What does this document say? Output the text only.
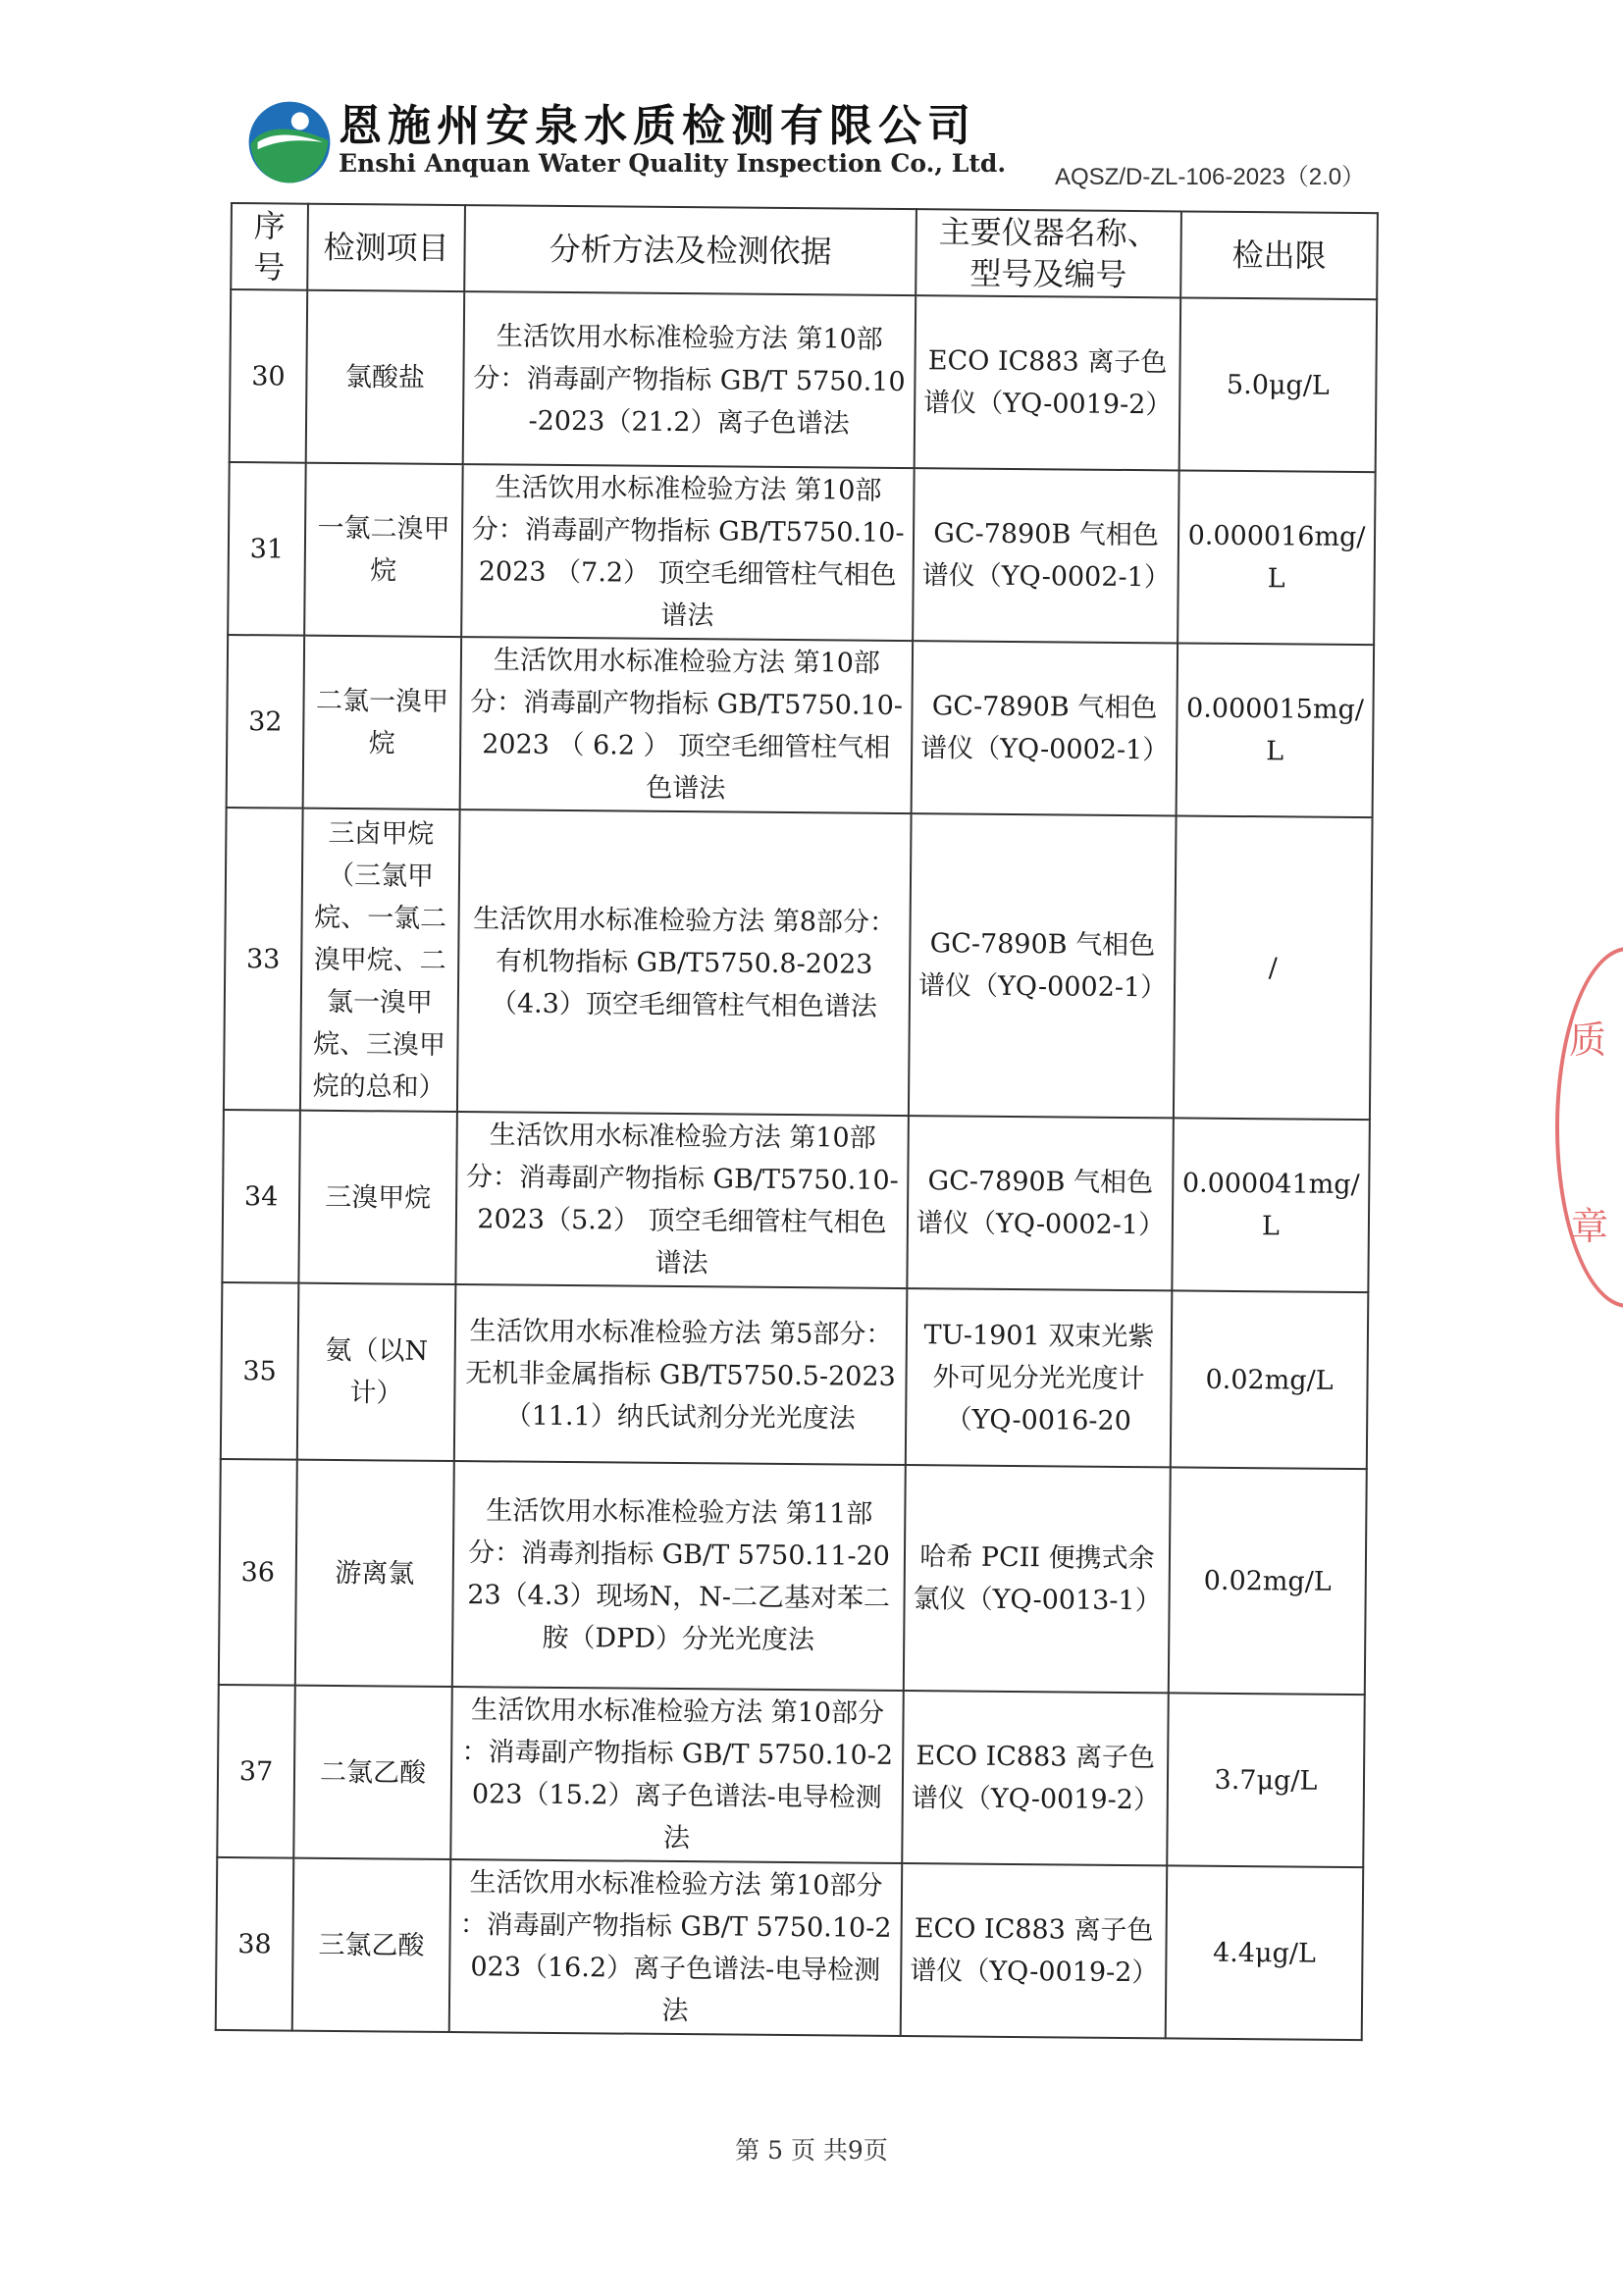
恩施州安泉水质检测有限公司
Enshi Anquan Water Quality Inspection Co., Ltd. AQSZ/D-ZL-106-2023（2.0）
序号	检测项目	分析方法及检测依据	主要仪器名称、型号及编号	检出限
30	氯酸盐	生活饮用水标准检验方法 第10部分：消毒副产物指标 GB/T 5750.10-2023（21.2）离子色谱法	ECO IC883 离子色谱仪（YQ-0019-2）	5.0μg/L
31	一氯二溴甲烷	生活饮用水标准检验方法 第10部分：消毒副产物指标 GB/T5750.10-2023 （7.2） 顶空毛细管柱气相色谱法	GC-7890B 气相色谱仪（YQ-0002-1）	0.000016mg/L
32	二氯一溴甲烷	生活饮用水标准检验方法 第10部分：消毒副产物指标 GB/T5750.10-2023 （ 6.2 ） 顶空毛细管柱气相色谱法	GC-7890B 气相色谱仪（YQ-0002-1）	0.000015mg/L
33	三卤甲烷（三氯甲烷、一氯二溴甲烷、二氯一溴甲烷、三溴甲烷的总和）	生活饮用水标准检验方法 第8部分：有机物指标 GB/T5750.8-2023 （4.3）顶空毛细管柱气相色谱法	GC-7890B 气相色谱仪（YQ-0002-1）	/
34	三溴甲烷	生活饮用水标准检验方法 第10部分：消毒副产物指标 GB/T5750.10-2023（5.2） 顶空毛细管柱气相色谱法	GC-7890B 气相色谱仪（YQ-0002-1）	0.000041mg/L
35	氨（以N计）	生活饮用水标准检验方法 第5部分：无机非金属指标 GB/T5750.5-2023（11.1）纳氏试剂分光光度法	TU-1901 双束光紫外可见分光光度计（YQ-0016-20	0.02mg/L
36	游离氯	生活饮用水标准检验方法 第11部分：消毒剂指标 GB/T 5750.11-2023（4.3）现场N，N-二乙基对苯二胺（DPD）分光光度法	哈希 PCII 便携式余氯仪（YQ-0013-1）	0.02mg/L
37	二氯乙酸	生活饮用水标准检验方法 第10部分 ：消毒副产物指标 GB/T 5750.10-2023（15.2）离子色谱法-电导检测法	ECO IC883 离子色谱仪（YQ-0019-2）	3.7μg/L
38	三氯乙酸	生活饮用水标准检验方法 第10部分 ：消毒副产物指标 GB/T 5750.10-2023（16.2）离子色谱法-电导检测法	ECO IC883 离子色谱仪（YQ-0019-2）	4.4μg/L
质
章
第 5 页 共9页
